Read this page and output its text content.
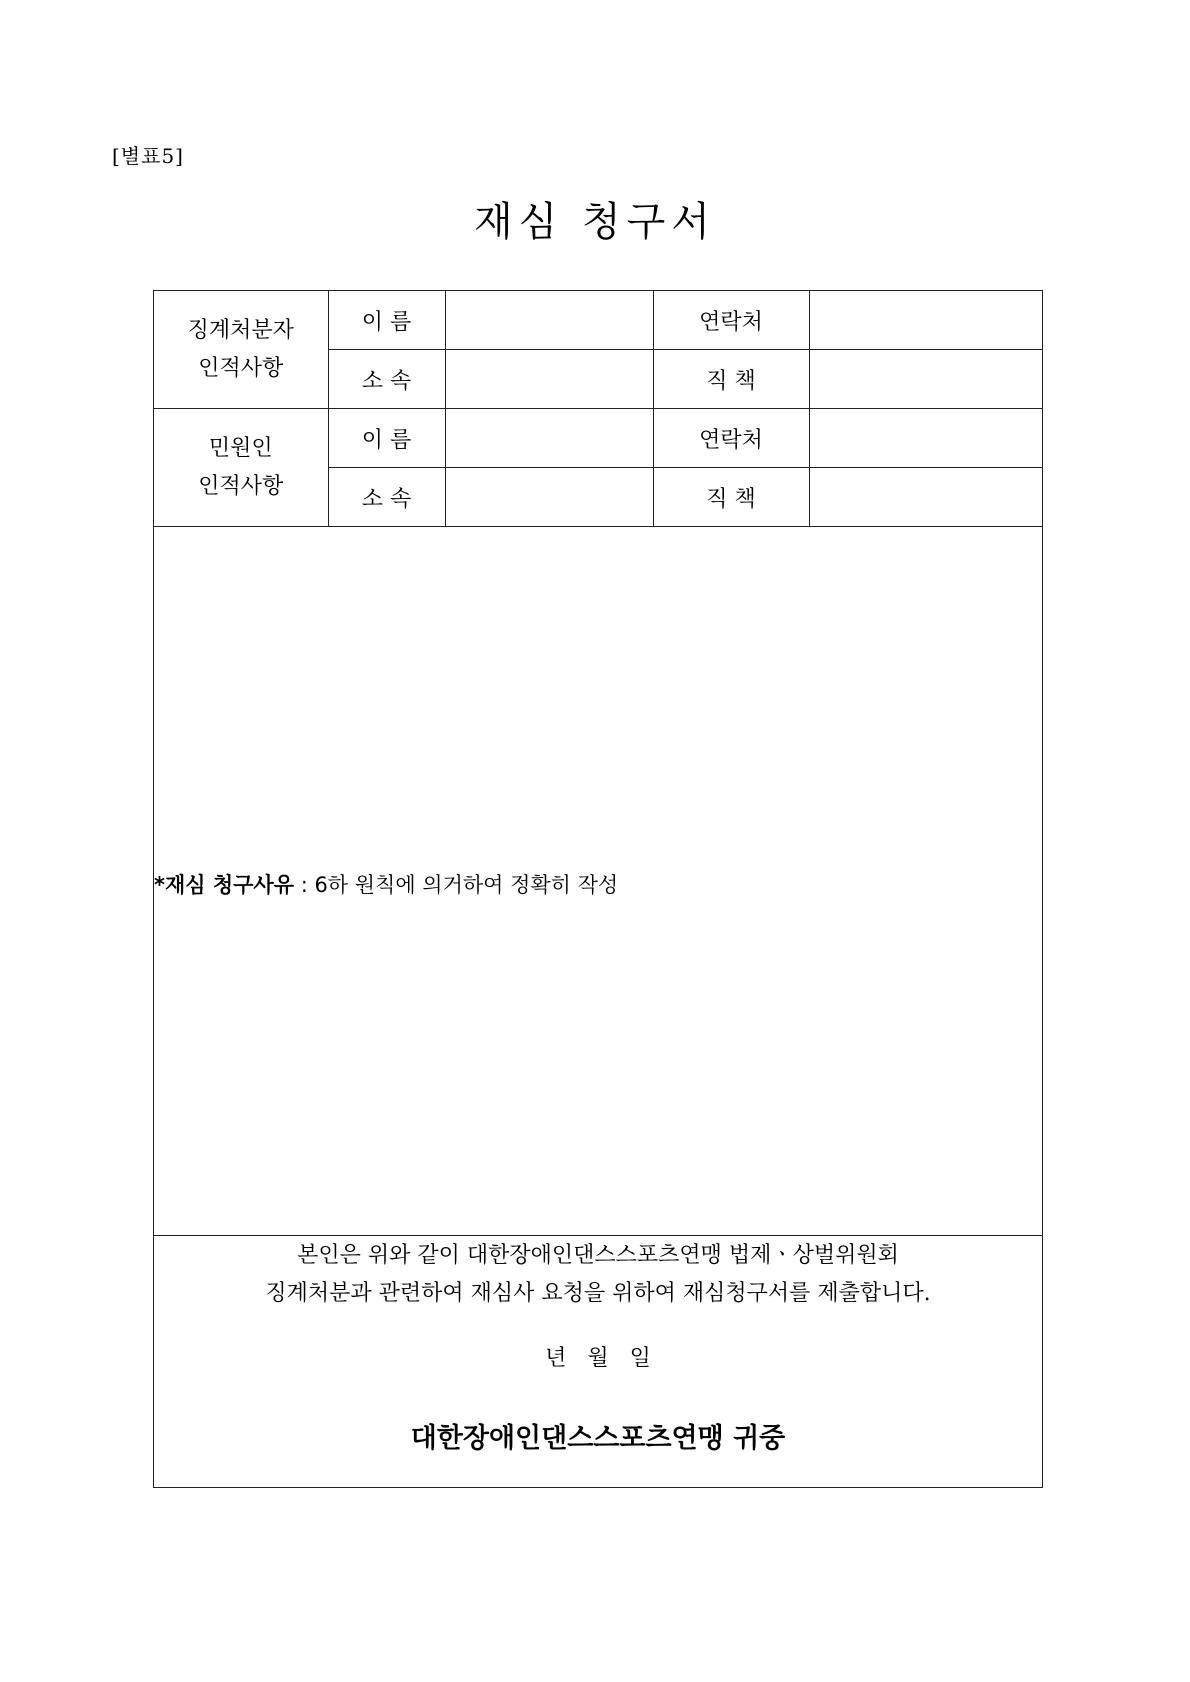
[별표5]
재심 청구서
징계처분자
인적사항	이 름		연락처	
	소 속		직 책	

민원인
인적사항	이 름		연락처	
	소 속		직 책	
*재심 청구사유 : 6하 원칙에 의거하여 정확히 작성
본인은 위와 같이 대한장애인댄스스포츠연맹 법제ㆍ상벌위원회
징계처분과 관련하여 재심사 요청을 위하여 재심청구서를 제출합니다.
년 월 일
대한장애인댄스스포츠연맹 귀중
